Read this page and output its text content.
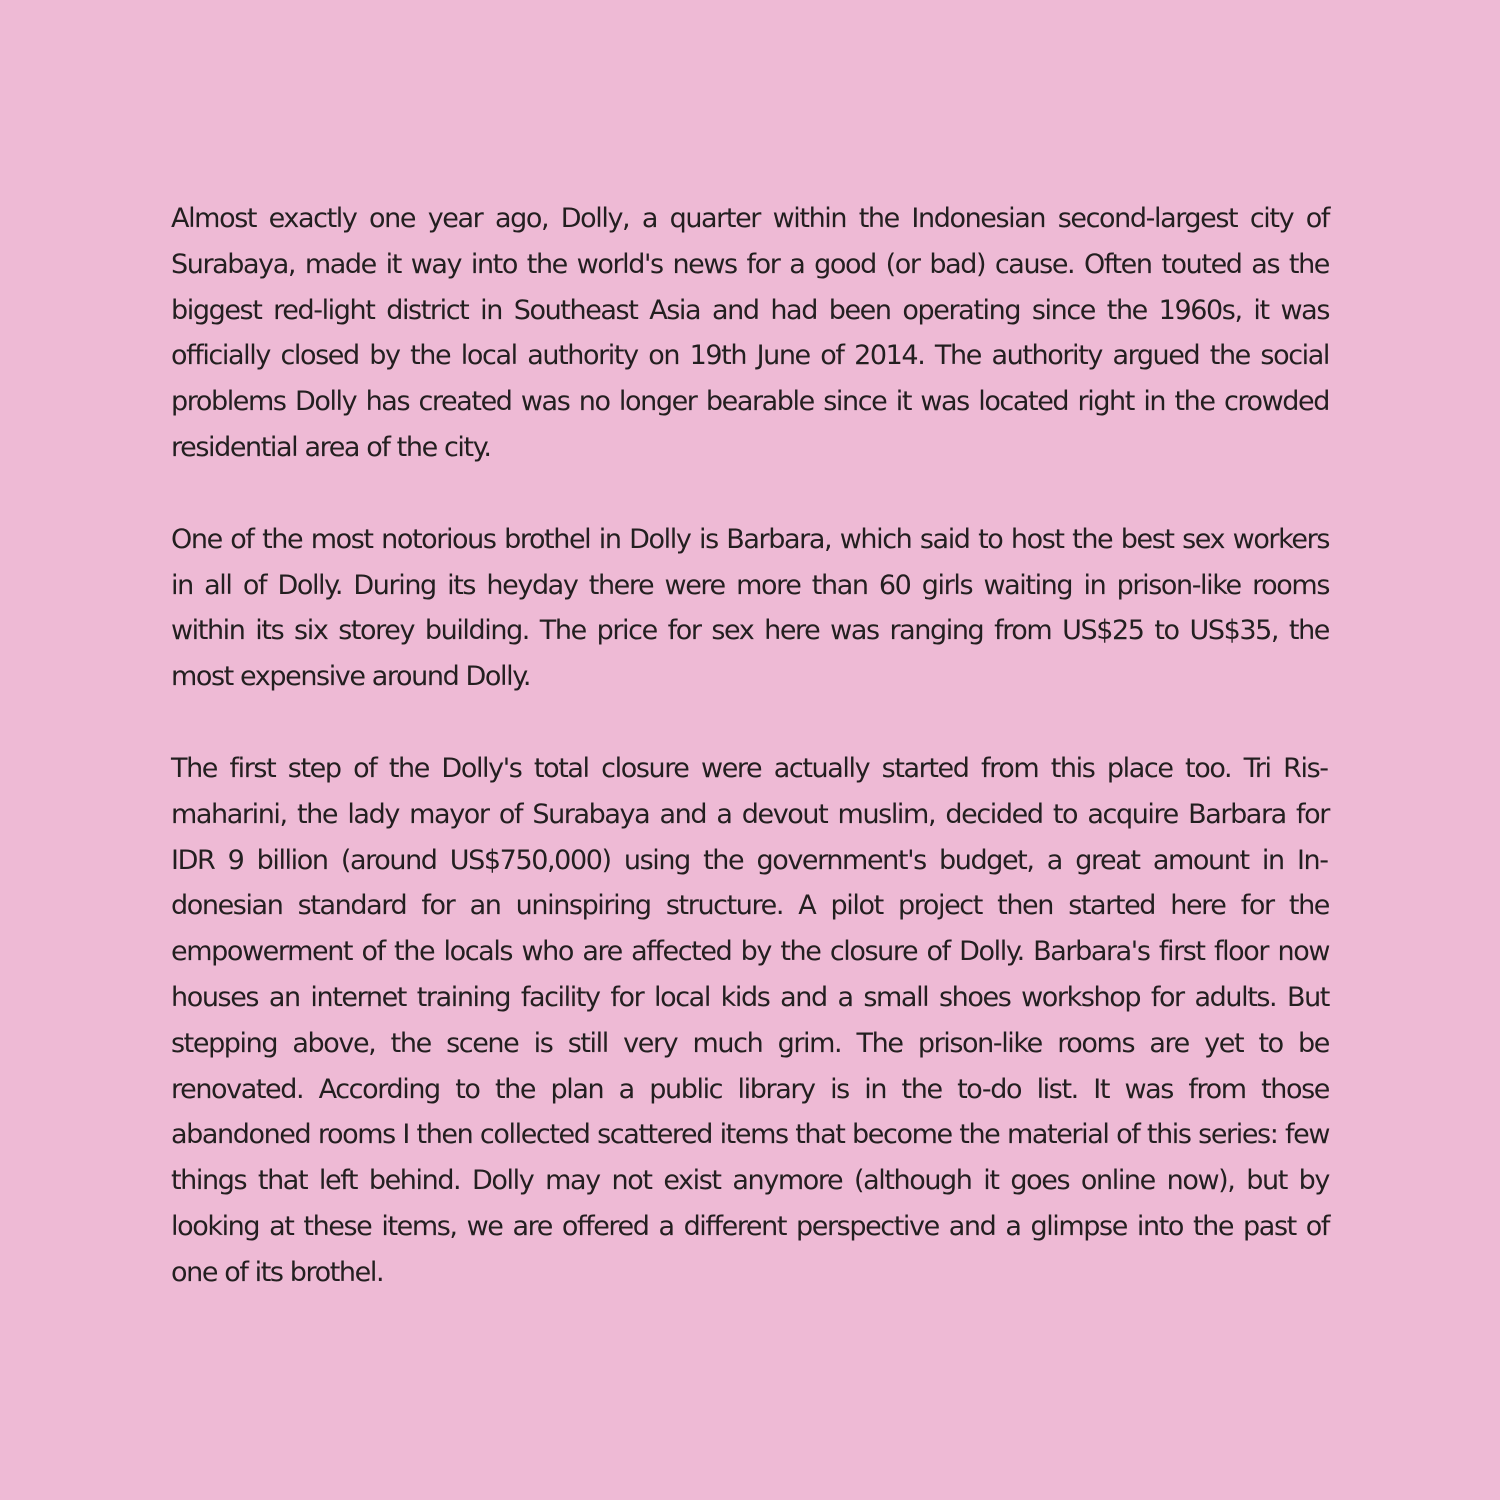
Almost exactly one year ago, Dolly, a quarter within the Indonesian second-largest city of Surabaya, made it way into the world's news for a good (or bad) cause. Often touted as the biggest red-light district in Southeast Asia and had been operating since the 1960s, it was officially closed by the local authority on 19th June of 2014. The authority argued the social problems Dolly has created was no longer bearable since it was located right in the crowded residential area of the city.

One of the most notorious brothel in Dolly is Barbara, which said to host the best sex workers in all of Dolly. During its heyday there were more than 60 girls waiting in prison-like rooms within its six storey building. The price for sex here was ranging from US$25 to US$35, the most expensive around Dolly.

The first step of the Dolly's total closure were actually started from this place too. Tri Rismaharini, the lady mayor of Surabaya and a devout muslim, decided to acquire Barbara for IDR 9 billion (around US$750,000) using the government's budget, a great amount in Indonesian standard for an uninspiring structure. A pilot project then started here for the empowerment of the locals who are affected by the closure of Dolly. Barbara's first floor now houses an internet training facility for local kids and a small shoes workshop for adults. But stepping above, the scene is still very much grim. The prison-like rooms are yet to be renovated. According to the plan a public library is in the to-do list. It was from those abandoned rooms I then collected scattered items that become the material of this series: few things that left behind. Dolly may not exist anymore (although it goes online now), but by looking at these items, we are offered a different perspective and a glimpse into the past of one of its brothel.
